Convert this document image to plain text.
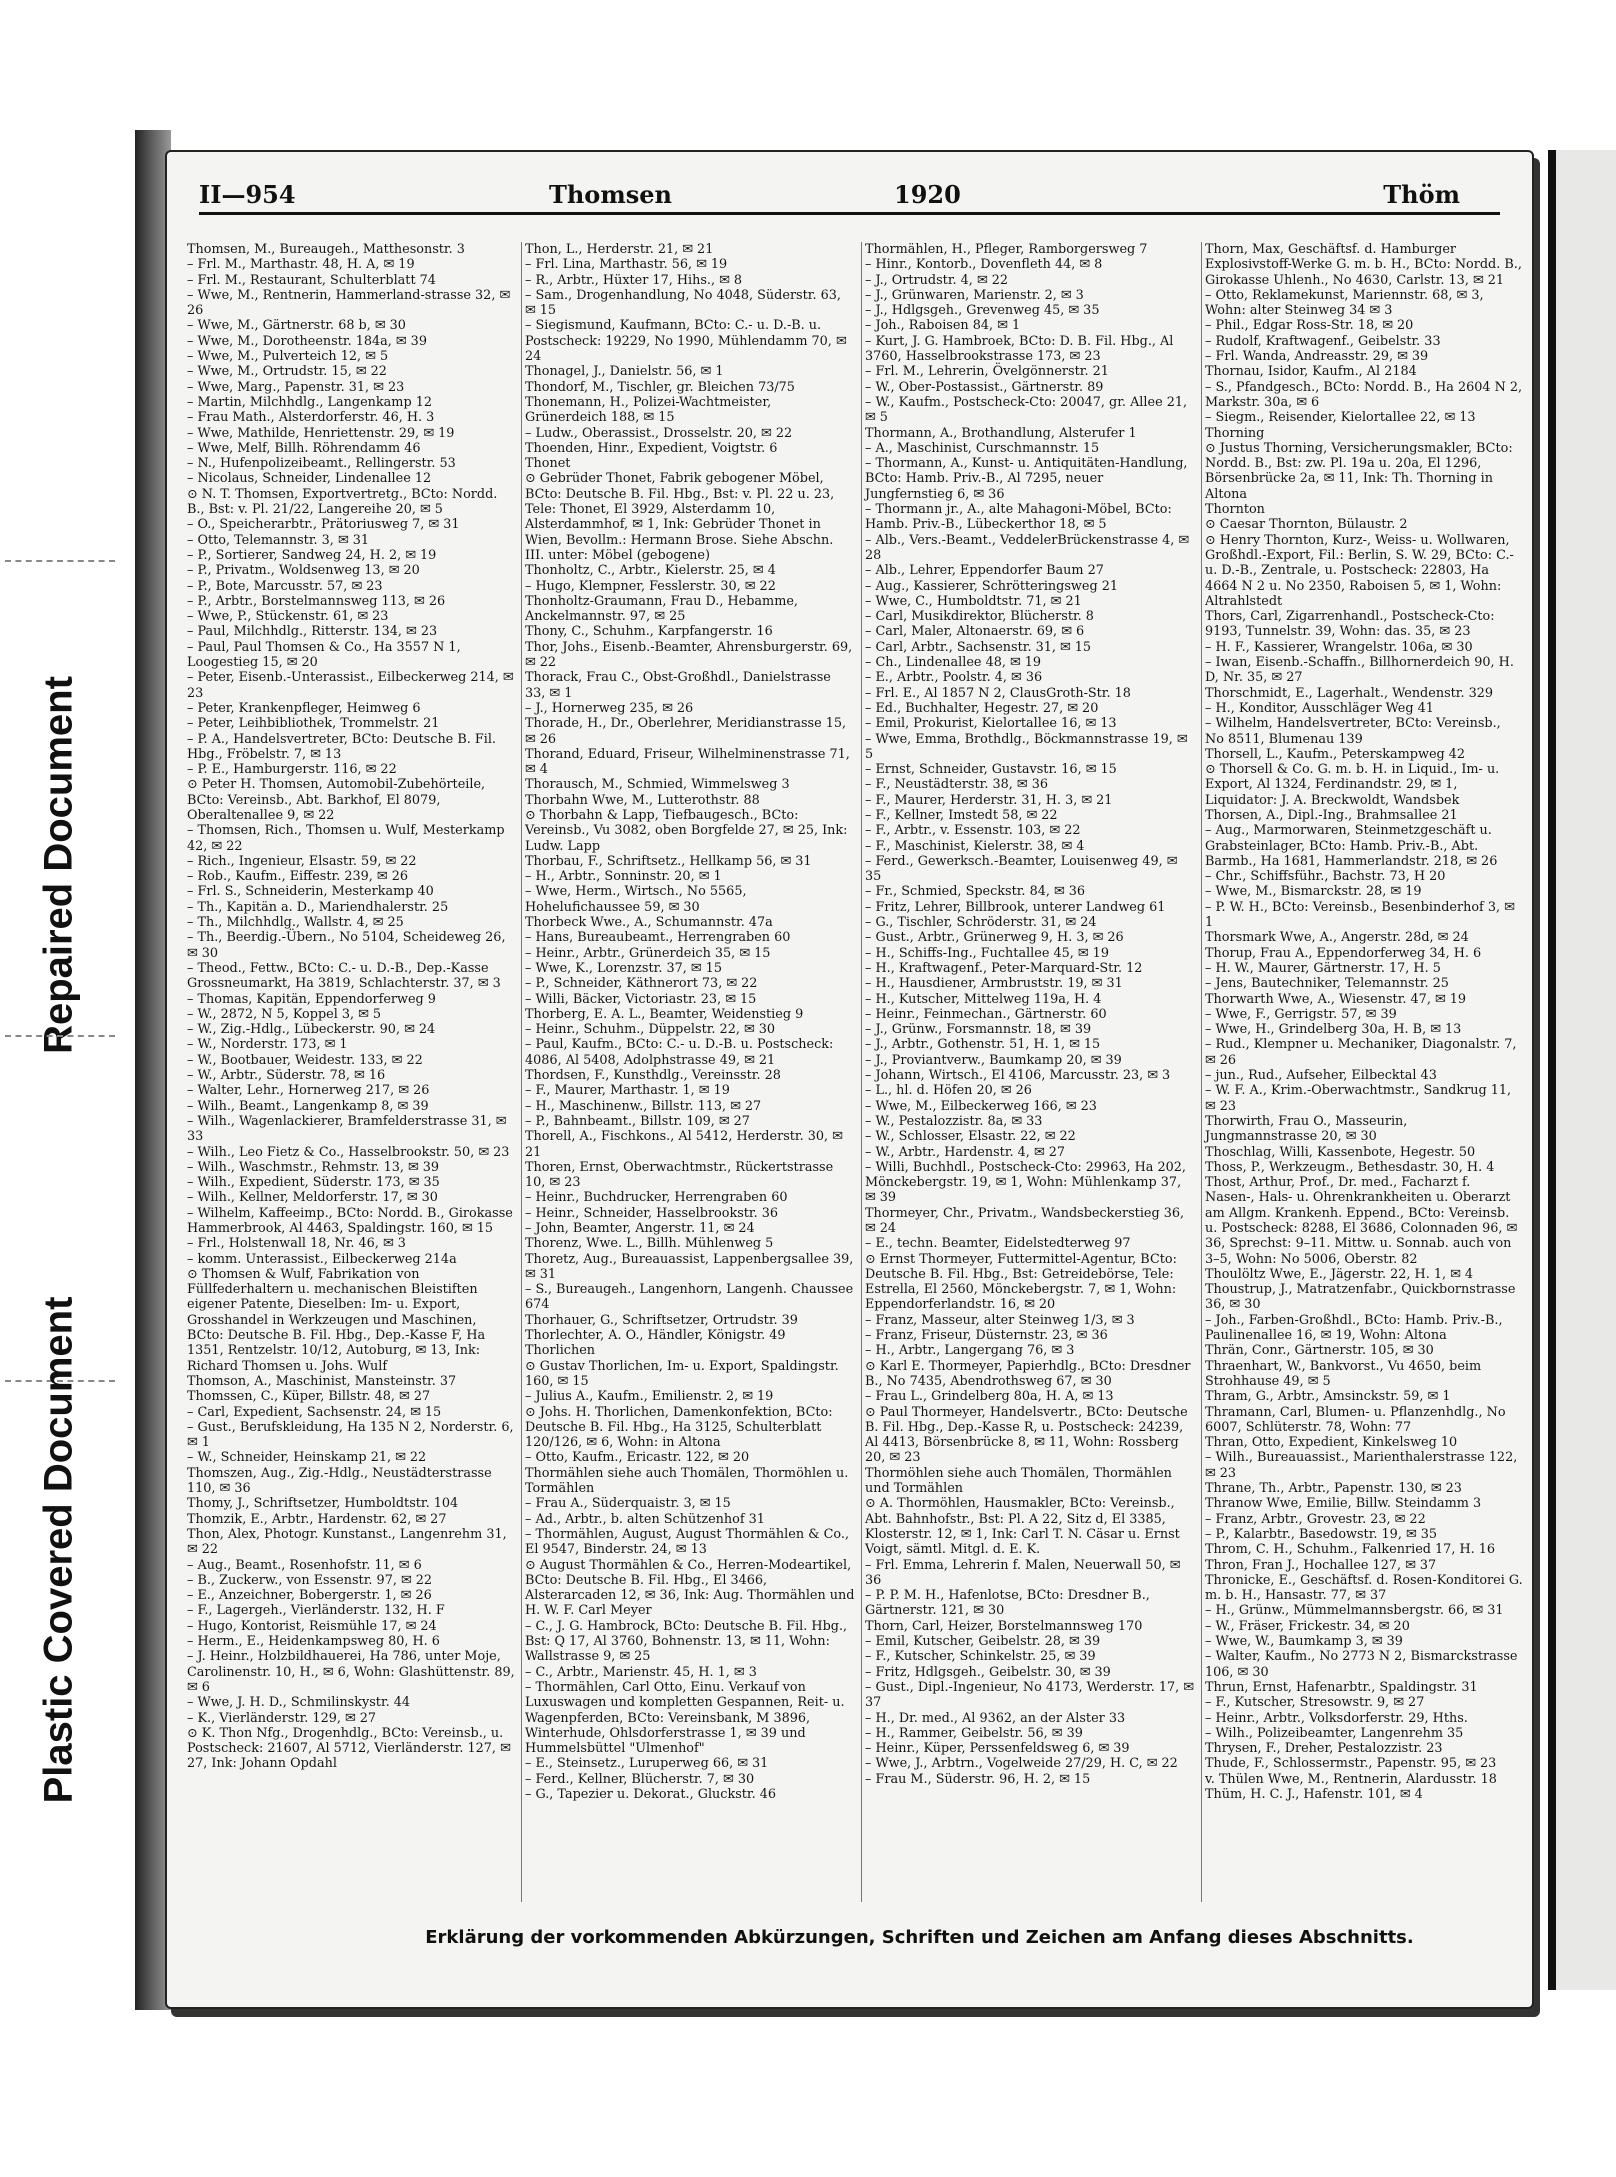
Repaired Document
Plastic Covered Document
II—954	Thomsen	1920	Thöm

Thomsen, M., Bureaugeh., Matthesonstr. 3

– Frl. M., Marthastr. 48, H. A, ✉ 19

– Frl. M., Restaurant, Schulterblatt 74

– Wwe, M., Rentnerin, Hammerland-strasse 32, ✉ 26

– Wwe, M., Gärtnerstr. 68 b, ✉ 30

– Wwe, M., Dorotheenstr. 184a, ✉ 39

– Wwe, M., Pulverteich 12, ✉ 5

– Wwe, M., Ortrudstr. 15, ✉ 22

– Wwe, Marg., Papenstr. 31, ✉ 23

– Martin, Milchhdlg., Langenkamp 12

– Frau Math., Alsterdorferstr. 46, H. 3

– Wwe, Mathilde, Henriettenstr. 29, ✉ 19

– Wwe, Melf, Billh. Röhrendamm 46

– N., Hufenpolizeibeamt., Rellingerstr. 53

– Nicolaus, Schneider, Lindenallee 12

⊙ N. T. Thomsen, Exportvertretg., BCto: Nordd. B., Bst: v. Pl. 21/22, Langereihe 20, ✉ 5

– O., Speicherarbtr., Prätoriusweg 7, ✉ 31

– Otto, Telemannstr. 3, ✉ 31

– P., Sortierer, Sandweg 24, H. 2, ✉ 19

– P., Privatm., Woldsenweg 13, ✉ 20

– P., Bote, Marcusstr. 57, ✉ 23

– P., Arbtr., Borstelmannsweg 113, ✉ 26

– Wwe, P., Stückenstr. 61, ✉ 23

– Paul, Milchhdlg., Ritterstr. 134, ✉ 23

– Paul, Paul Thomsen & Co., Ha 3557 N 1, Loogestieg 15, ✉ 20

– Peter, Eisenb.-Unterassist., Eilbeckerweg 214, ✉ 23

– Peter, Krankenpfleger, Heimweg 6

– Peter, Leihbibliothek, Trommelstr. 21

– P. A., Handelsvertreter, BCto: Deutsche B. Fil. Hbg., Fröbelstr. 7, ✉ 13

– P. E., Hamburgerstr. 116, ✉ 22

⊙ Peter H. Thomsen, Automobil-Zubehörteile, BCto: Vereinsb., Abt. Barkhof, El 8079, Oberaltenallee 9, ✉ 22

– Thomsen, Rich., Thomsen u. Wulf, Mesterkamp 42, ✉ 22

– Rich., Ingenieur, Elsastr. 59, ✉ 22

– Rob., Kaufm., Eiffestr. 239, ✉ 26

– Frl. S., Schneiderin, Mesterkamp 40

– Th., Kapitän a. D., Mariendhalerstr. 25

– Th., Milchhdlg., Wallstr. 4, ✉ 25

– Th., Beerdig.-Übern., No 5104, Scheideweg 26, ✉ 30

– Theod., Fettw., BCto: C.- u. D.-B., Dep.-Kasse Grossneumarkt, Ha 3819, Schlachterstr. 37, ✉ 3

– Thomas, Kapitän, Eppendorferweg 9

– W., 2872, N 5, Koppel 3, ✉ 5

– W., Zig.-Hdlg., Lübeckerstr. 90, ✉ 24

– W., Norderstr. 173, ✉ 1

– W., Bootbauer, Weidestr. 133, ✉ 22

– W., Arbtr., Süderstr. 78, ✉ 16

– Walter, Lehr., Hornerweg 217, ✉ 26

– Wilh., Beamt., Langenkamp 8, ✉ 39

– Wilh., Wagenlackierer, Bramfelderstrasse 31, ✉ 33

– Wilh., Leo Fietz & Co., Hasselbrookstr. 50, ✉ 23

– Wilh., Waschmstr., Rehmstr. 13, ✉ 39

– Wilh., Expedient, Süderstr. 173, ✉ 35

– Wilh., Kellner, Meldorferstr. 17, ✉ 30

– Wilhelm, Kaffeeimp., BCto: Nordd. B., Girokasse Hammerbrook, Al 4463, Spaldingstr. 160, ✉ 15

– Frl., Holstenwall 18, Nr. 46, ✉ 3

– komm. Unterassist., Eilbeckerweg 214a

⊙ Thomsen & Wulf, Fabrikation von Füllfederhaltern u. mechanischen Bleistiften eigener Patente, Dieselben: Im- u. Export, Grosshandel in Werkzeugen und Maschinen, BCto: Deutsche B. Fil. Hbg., Dep.-Kasse F, Ha 1351, Rentzelstr. 10/12, Autoburg, ✉ 13, Ink: Richard Thomsen u. Johs. Wulf

Thomson, A., Maschinist, Mansteinstr. 37

Thomssen, C., Küper, Billstr. 48, ✉ 27

– Carl, Expedient, Sachsenstr. 24, ✉ 15

– Gust., Berufskleidung, Ha 135 N 2, Norderstr. 6, ✉ 1

– W., Schneider, Heinskamp 21, ✉ 22

Thomszen, Aug., Zig.-Hdlg., Neustädterstrasse 110, ✉ 36

Thomy, J., Schriftsetzer, Humboldtstr. 104

Thomzik, E., Arbtr., Hardenstr. 62, ✉ 27

Thon, Alex, Photogr. Kunstanst., Langenrehm 31, ✉ 22

– Aug., Beamt., Rosenhofstr. 11, ✉ 6

– B., Zuckerw., von Essenstr. 97, ✉ 22

– E., Anzeichner, Bobergerstr. 1, ✉ 26

– F., Lagergeh., Vierländerstr. 132, H. F

– Hugo, Kontorist, Reismühle 17, ✉ 24

– Herm., E., Heidenkampsweg 80, H. 6

– J. Heinr., Holzbildhauerei, Ha 786, unter Moje, Carolinenstr. 10, H., ✉ 6, Wohn: Glashüttenstr. 89, ✉ 6

– Wwe, J. H. D., Schmilinskystr. 44

– K., Vierländerstr. 129, ✉ 27

⊙ K. Thon Nfg., Drogenhdlg., BCto: Vereinsb., u. Postscheck: 21607, Al 5712, Vierländerstr. 127, ✉ 27, Ink: Johann Opdahl

Thon, L., Herderstr. 21, ✉ 21

– Frl. Lina, Marthastr. 56, ✉ 19

– R., Arbtr., Hüxter 17, Hihs., ✉ 8

– Sam., Drogenhandlung, No 4048, Süderstr. 63, ✉ 15

– Siegismund, Kaufmann, BCto: C.- u. D.-B. u. Postscheck: 19229, No 1990, Mühlendamm 70, ✉ 24

Thonagel, J., Danielstr. 56, ✉ 1

Thondorf, M., Tischler, gr. Bleichen 73/75

Thonemann, H., Polizei-Wachtmeister, Grünerdeich 188, ✉ 15

– Ludw., Oberassist., Drosselstr. 20, ✉ 22

Thoenden, Hinr., Expedient, Voigtstr. 6

Thonet

⊙ Gebrüder Thonet, Fabrik gebogener Möbel, BCto: Deutsche B. Fil. Hbg., Bst: v. Pl. 22 u. 23, Tele: Thonet, El 3929, Alsterdamm 10, Alsterdammhof, ✉ 1, Ink: Gebrüder Thonet in Wien, Bevollm.: Hermann Brose. Siehe Abschn. III. unter: Möbel (gebogene)

Thonholtz, C., Arbtr., Kielerstr. 25, ✉ 4

– Hugo, Klempner, Fesslerstr. 30, ✉ 22

Thonholtz-Graumann, Frau D., Hebamme, Anckelmannstr. 97, ✉ 25

Thony, C., Schuhm., Karpfangerstr. 16

Thor, Johs., Eisenb.-Beamter, Ahrensburgerstr. 69, ✉ 22

Thorack, Frau C., Obst-Großhdl., Danielstrasse 33, ✉ 1

– J., Hornerweg 235, ✉ 26

Thorade, H., Dr., Oberlehrer, Meridianstrasse 15, ✉ 26

Thorand, Eduard, Friseur, Wilhelminenstrasse 71, ✉ 4

Thorausch, M., Schmied, Wimmelsweg 3

Thorbahn Wwe, M., Lutterothstr. 88

⊙ Thorbahn & Lapp, Tiefbaugesch., BCto: Vereinsb., Vu 3082, oben Borgfelde 27, ✉ 25, Ink: Ludw. Lapp

Thorbau, F., Schriftsetz., Hellkamp 56, ✉ 31

– H., Arbtr., Sonninstr. 20, ✉ 1

– Wwe, Herm., Wirtsch., No 5565, Hohelufichaussee 59, ✉ 30

Thorbeck Wwe., A., Schumannstr. 47a

– Hans, Bureaubeamt., Herrengraben 60

– Heinr., Arbtr., Grünerdeich 35, ✉ 15

– Wwe, K., Lorenzstr. 37, ✉ 15

– P., Schneider, Käthnerort 73, ✉ 22

– Willi, Bäcker, Victoriastr. 23, ✉ 15

Thorberg, E. A. L., Beamter, Weidenstieg 9

– Heinr., Schuhm., Düppelstr. 22, ✉ 30

– Paul, Kaufm., BCto: C.- u. D.-B. u. Postscheck: 4086, Al 5408, Adolphstrasse 49, ✉ 21

Thordsen, F., Kunsthdlg., Vereinsstr. 28

– F., Maurer, Marthastr. 1, ✉ 19

– H., Maschinenw., Billstr. 113, ✉ 27

– P., Bahnbeamt., Billstr. 109, ✉ 27

Thorell, A., Fischkons., Al 5412, Herderstr. 30, ✉ 21

Thoren, Ernst, Oberwachtmstr., Rückertstrasse 10, ✉ 23

– Heinr., Buchdrucker, Herrengraben 60

– Heinr., Schneider, Hasselbrookstr. 36

– John, Beamter, Angerstr. 11, ✉ 24

Thorenz, Wwe. L., Billh. Mühlenweg 5

Thoretz, Aug., Bureauassist, Lappenbergsallee 39, ✉ 31

– S., Bureaugeh., Langenhorn, Langenh. Chaussee 674

Thorhauer, G., Schriftsetzer, Ortrudstr. 39

Thorlechter, A. O., Händler, Königstr. 49

Thorlichen

⊙ Gustav Thorlichen, Im- u. Export, Spaldingstr. 160, ✉ 15

– Julius A., Kaufm., Emilienstr. 2, ✉ 19

⊙ Johs. H. Thorlichen, Damenkonfektion, BCto: Deutsche B. Fil. Hbg., Ha 3125, Schulterblatt 120/126, ✉ 6, Wohn: in Altona

– Otto, Kaufm., Ericastr. 122, ✉ 20

Thormählen siehe auch Thomälen, Thormöhlen u. Tormählen

– Frau A., Süderquaistr. 3, ✉ 15

– Ad., Arbtr., b. alten Schützenhof 31

– Thormählen, August, August Thormählen & Co., El 9547, Binderstr. 24, ✉ 13

⊙ August Thormählen & Co., Herren-Modeartikel, BCto: Deutsche B. Fil. Hbg., El 3466, Alsterarcaden 12, ✉ 36, Ink: Aug. Thormählen und H. W. F. Carl Meyer

– C., J. G. Hambrock, BCto: Deutsche B. Fil. Hbg., Bst: Q 17, Al 3760, Bohnenstr. 13, ✉ 11, Wohn: Wallstrasse 9, ✉ 25

– C., Arbtr., Marienstr. 45, H. 1, ✉ 3

– Thormählen, Carl Otto, Einu. Verkauf von Luxuswagen und kompletten Gespannen, Reit- u. Wagenpferden, BCto: Vereinsbank, M 3896, Winterhude, Ohlsdorferstrasse 1, ✉ 39 und Hummelsbüttel "Ulmenhof"

– E., Steinsetz., Luruperweg 66, ✉ 31

– Ferd., Kellner, Blücherstr. 7, ✉ 30

– G., Tapezier u. Dekorat., Gluckstr. 46

Thormählen, H., Pfleger, Ramborgersweg 7

– Hinr., Kontorb., Dovenfleth 44, ✉ 8

– J., Ortrudstr. 4, ✉ 22

– J., Grünwaren, Marienstr. 2, ✉ 3

– J., Hdlgsgeh., Grevenweg 45, ✉ 35

– Joh., Raboisen 84, ✉ 1

– Kurt, J. G. Hambroek, BCto: D. B. Fil. Hbg., Al 3760, Hasselbrookstrasse 173, ✉ 23

– Frl. M., Lehrerin, Övelgönnerstr. 21

– W., Ober-Postassist., Gärtnerstr. 89

– W., Kaufm., Postscheck-Cto: 20047, gr. Allee 21, ✉ 5

Thormann, A., Brothandlung, Alsterufer 1

– A., Maschinist, Curschmannstr. 15

– Thormann, A., Kunst- u. Antiquitäten-Handlung, BCto: Hamb. Priv.-B., Al 7295, neuer Jungfernstieg 6, ✉ 36

– Thormann jr., A., alte Mahagoni-Möbel, BCto: Hamb. Priv.-B., Lübeckerthor 18, ✉ 5

– Alb., Vers.-Beamt., VeddelerBrückenstrasse 4, ✉ 28

– Alb., Lehrer, Eppendorfer Baum 27

– Aug., Kassierer, Schrötteringsweg 21

– Wwe, C., Humboldtstr. 71, ✉ 21

– Carl, Musikdirektor, Blücherstr. 8

– Carl, Maler, Altonaerstr. 69, ✉ 6

– Carl, Arbtr., Sachsenstr. 31, ✉ 15

– Ch., Lindenallee 48, ✉ 19

– E., Arbtr., Poolstr. 4, ✉ 36

– Frl. E., Al 1857 N 2, ClausGroth-Str. 18

– Ed., Buchhalter, Hegestr. 27, ✉ 20

– Emil, Prokurist, Kielortallee 16, ✉ 13

– Wwe, Emma, Brothdlg., Böckmannstrasse 19, ✉ 5

– Ernst, Schneider, Gustavstr. 16, ✉ 15

– F., Neustädterstr. 38, ✉ 36

– F., Maurer, Herderstr. 31, H. 3, ✉ 21

– F., Kellner, Imstedt 58, ✉ 22

– F., Arbtr., v. Essenstr. 103, ✉ 22

– F., Maschinist, Kielerstr. 38, ✉ 4

– Ferd., Gewerksch.-Beamter, Louisenweg 49, ✉ 35

– Fr., Schmied, Speckstr. 84, ✉ 36

– Fritz, Lehrer, Billbrook, unterer Landweg 61

– G., Tischler, Schröderstr. 31, ✉ 24

– Gust., Arbtr., Grünerweg 9, H. 3, ✉ 26

– H., Schiffs-Ing., Fuchtallee 45, ✉ 19

– H., Kraftwagenf., Peter-Marquard-Str. 12

– H., Hausdiener, Armbruststr. 19, ✉ 31

– H., Kutscher, Mittelweg 119a, H. 4

– Heinr., Feinmechan., Gärtnerstr. 60

– J., Grünw., Forsmannstr. 18, ✉ 39

– J., Arbtr., Gothenstr. 51, H. 1, ✉ 15

– J., Proviantverw., Baumkamp 20, ✉ 39

– Johann, Wirtsch., El 4106, Marcusstr. 23, ✉ 3

– L., hl. d. Höfen 20, ✉ 26

– Wwe, M., Eilbeckerweg 166, ✉ 23

– W., Pestalozzistr. 8a, ✉ 33

– W., Schlosser, Elsastr. 22, ✉ 22

– W., Arbtr., Hardenstr. 4, ✉ 27

– Willi, Buchhdl., Postscheck-Cto: 29963, Ha 202, Mönckebergstr. 19, ✉ 1, Wohn: Mühlenkamp 37, ✉ 39

Thormeyer, Chr., Privatm., Wandsbeckerstieg 36, ✉ 24

– E., techn. Beamter, Eidelstedterweg 97

⊙ Ernst Thormeyer, Futtermittel-Agentur, BCto: Deutsche B. Fil. Hbg., Bst: Getreidebörse, Tele: Estrella, El 2560, Mönckebergstr. 7, ✉ 1, Wohn: Eppendorferlandstr. 16, ✉ 20

– Franz, Masseur, alter Steinweg 1/3, ✉ 3

– Franz, Friseur, Düsternstr. 23, ✉ 36

– H., Arbtr., Langergang 76, ✉ 3

⊙ Karl E. Thormeyer, Papierhdlg., BCto: Dresdner B., No 7435, Abendrothsweg 67, ✉ 30

– Frau L., Grindelberg 80a, H. A, ✉ 13

⊙ Paul Thormeyer, Handelsvertr., BCto: Deutsche B. Fil. Hbg., Dep.-Kasse R, u. Postscheck: 24239, Al 4413, Börsenbrücke 8, ✉ 11, Wohn: Rossberg 20, ✉ 23

Thormöhlen siehe auch Thomälen, Thormählen und Tormählen

⊙ A. Thormöhlen, Hausmakler, BCto: Vereinsb., Abt. Bahnhofstr., Bst: Pl. A 22, Sitz d, El 3385, Klosterstr. 12, ✉ 1, Ink: Carl T. N. Cäsar u. Ernst Voigt, sämtl. Mitgl. d. E. K.

– Frl. Emma, Lehrerin f. Malen, Neuerwall 50, ✉ 36

– P. P. M. H., Hafenlotse, BCto: Dresdner B., Gärtnerstr. 121, ✉ 30

Thorn, Carl, Heizer, Borstelmannsweg 170

– Emil, Kutscher, Geibelstr. 28, ✉ 39

– F., Kutscher, Schinkelstr. 25, ✉ 39

– Fritz, Hdlgsgeh., Geibelstr. 30, ✉ 39

– Gust., Dipl.-Ingenieur, No 4173, Werderstr. 17, ✉ 37

– H., Dr. med., Al 9362, an der Alster 33

– H., Rammer, Geibelstr. 56, ✉ 39

– Heinr., Küper, Perssenfeldsweg 6, ✉ 39

– Wwe, J., Arbtrn., Vogelweide 27/29, H. C, ✉ 22

– Frau M., Süderstr. 96, H. 2, ✉ 15

Thorn, Max, Geschäftsf. d. Hamburger Explosivstoff-Werke G. m. b. H., BCto: Nordd. B., Girokasse Uhlenh., No 4630, Carlstr. 13, ✉ 21

– Otto, Reklamekunst, Mariennstr. 68, ✉ 3, Wohn: alter Steinweg 34 ✉ 3

– Phil., Edgar Ross-Str. 18, ✉ 20

– Rudolf, Kraftwagenf., Geibelstr. 33

– Frl. Wanda, Andreasstr. 29, ✉ 39

Thornau, Isidor, Kaufm., Al 2184

– S., Pfandgesch., BCto: Nordd. B., Ha 2604 N 2, Markstr. 30a, ✉ 6

– Siegm., Reisender, Kielortallee 22, ✉ 13

Thorning

⊙ Justus Thorning, Versicherungsmakler, BCto: Nordd. B., Bst: zw. Pl. 19a u. 20a, El 1296, Börsenbrücke 2a, ✉ 11, Ink: Th. Thorning in Altona

Thornton

⊙ Caesar Thornton, Bülaustr. 2

⊙ Henry Thornton, Kurz-, Weiss- u. Wollwaren, Großhdl.-Export, Fil.: Berlin, S. W. 29, BCto: C.- u. D.-B., Zentrale, u. Postscheck: 22803, Ha 4664 N 2 u. No 2350, Raboisen 5, ✉ 1, Wohn: Altrahlstedt

Thors, Carl, Zigarrenhandl., Postscheck-Cto: 9193, Tunnelstr. 39, Wohn: das. 35, ✉ 23

– H. F., Kassierer, Wrangelstr. 106a, ✉ 30

– Iwan, Eisenb.-Schaffn., Billhornerdeich 90, H. D, Nr. 35, ✉ 27

Thorschmidt, E., Lagerhalt., Wendenstr. 329

– H., Konditor, Ausschläger Weg 41

– Wilhelm, Handelsvertreter, BCto: Vereinsb., No 8511, Blumenau 139

Thorsell, L., Kaufm., Peterskampweg 42

⊙ Thorsell & Co. G. m. b. H. in Liquid., Im- u. Export, Al 1324, Ferdinandstr. 29, ✉ 1, Liquidator: J. A. Breckwoldt, Wandsbek

Thorsen, A., Dipl.-Ing., Brahmsallee 21

– Aug., Marmorwaren, Steinmetzgeschäft u. Grabsteinlager, BCto: Hamb. Priv.-B., Abt. Barmb., Ha 1681, Hammerlandstr. 218, ✉ 26

– Chr., Schiffsführ., Bachstr. 73, H 20

– Wwe, M., Bismarckstr. 28, ✉ 19

– P. W. H., BCto: Vereinsb., Besenbinderhof 3, ✉ 1

Thorsmark Wwe, A., Angerstr. 28d, ✉ 24

Thorup, Frau A., Eppendorferweg 34, H. 6

– H. W., Maurer, Gärtnerstr. 17, H. 5

– Jens, Bautechniker, Telemannstr. 25

Thorwarth Wwe, A., Wiesenstr. 47, ✉ 19

– Wwe, F., Gerrigstr. 57, ✉ 39

– Wwe, H., Grindelberg 30a, H. B, ✉ 13

– Rud., Klempner u. Mechaniker, Diagonalstr. 7, ✉ 26

– jun., Rud., Aufseher, Eilbecktal 43

– W. F. A., Krim.-Oberwachtmstr., Sandkrug 11, ✉ 23

Thorwirth, Frau O., Masseurin, Jungmannstrasse 20, ✉ 30

Thoschlag, Willi, Kassenbote, Hegestr. 50

Thoss, P., Werkzeugm., Bethesdastr. 30, H. 4

Thost, Arthur, Prof., Dr. med., Facharzt f. Nasen-, Hals- u. Ohrenkrankheiten u. Oberarzt am Allgm. Krankenh. Eppend., BCto: Vereinsb. u. Postscheck: 8288, El 3686, Colonnaden 96, ✉ 36, Sprechst: 9–11. Mittw. u. Sonnab. auch von 3–5, Wohn: No 5006, Oberstr. 82

Thoulöltz Wwe, E., Jägerstr. 22, H. 1, ✉ 4

Thoustrup, J., Matratzenfabr., Quickbornstrasse 36, ✉ 30

– Joh., Farben-Großhdl., BCto: Hamb. Priv.-B., Paulinenallee 16, ✉ 19, Wohn: Altona

Thrän, Conr., Gärtnerstr. 105, ✉ 30

Thraenhart, W., Bankvorst., Vu 4650, beim Strohhause 49, ✉ 5

Thram, G., Arbtr., Amsinckstr. 59, ✉ 1

Thramann, Carl, Blumen- u. Pflanzenhdlg., No 6007, Schlüterstr. 78, Wohn: 77

Thran, Otto, Expedient, Kinkelsweg 10

– Wilh., Bureauassist., Marienthalerstrasse 122, ✉ 23

Thrane, Th., Arbtr., Papenstr. 130, ✉ 23

Thranow Wwe, Emilie, Billw. Steindamm 3

– Franz, Arbtr., Grovestr. 23, ✉ 22

– P., Kalarbtr., Basedowstr. 19, ✉ 35

Throm, C. H., Schuhm., Falkenried 17, H. 16

Thron, Fran J., Hochallee 127, ✉ 37

Thronicke, E., Geschäftsf. d. Rosen-Konditorei G. m. b. H., Hansastr. 77, ✉ 37

– H., Grünw., Mümmelmannsbergstr. 66, ✉ 31

– W., Fräser, Frickestr. 34, ✉ 20

– Wwe, W., Baumkamp 3, ✉ 39

– Walter, Kaufm., No 2773 N 2, Bismarckstrasse 106, ✉ 30

Thrun, Ernst, Hafenarbtr., Spaldingstr. 31

– F., Kutscher, Stresowstr. 9, ✉ 27

– Heinr., Arbtr., Volksdorferstr. 29, Hths.

– Wilh., Polizeibeamter, Langenrehm 35

Thrysen, F., Dreher, Pestalozzistr. 23

Thude, F., Schlossermstr., Papenstr. 95, ✉ 23

v. Thülen Wwe, M., Rentnerin, Alardusstr. 18

Thüm, H. C. J., Hafenstr. 101, ✉ 4

Erklärung der vorkommenden Abkürzungen, Schriften und Zeichen am Anfang dieses Abschnitts.
